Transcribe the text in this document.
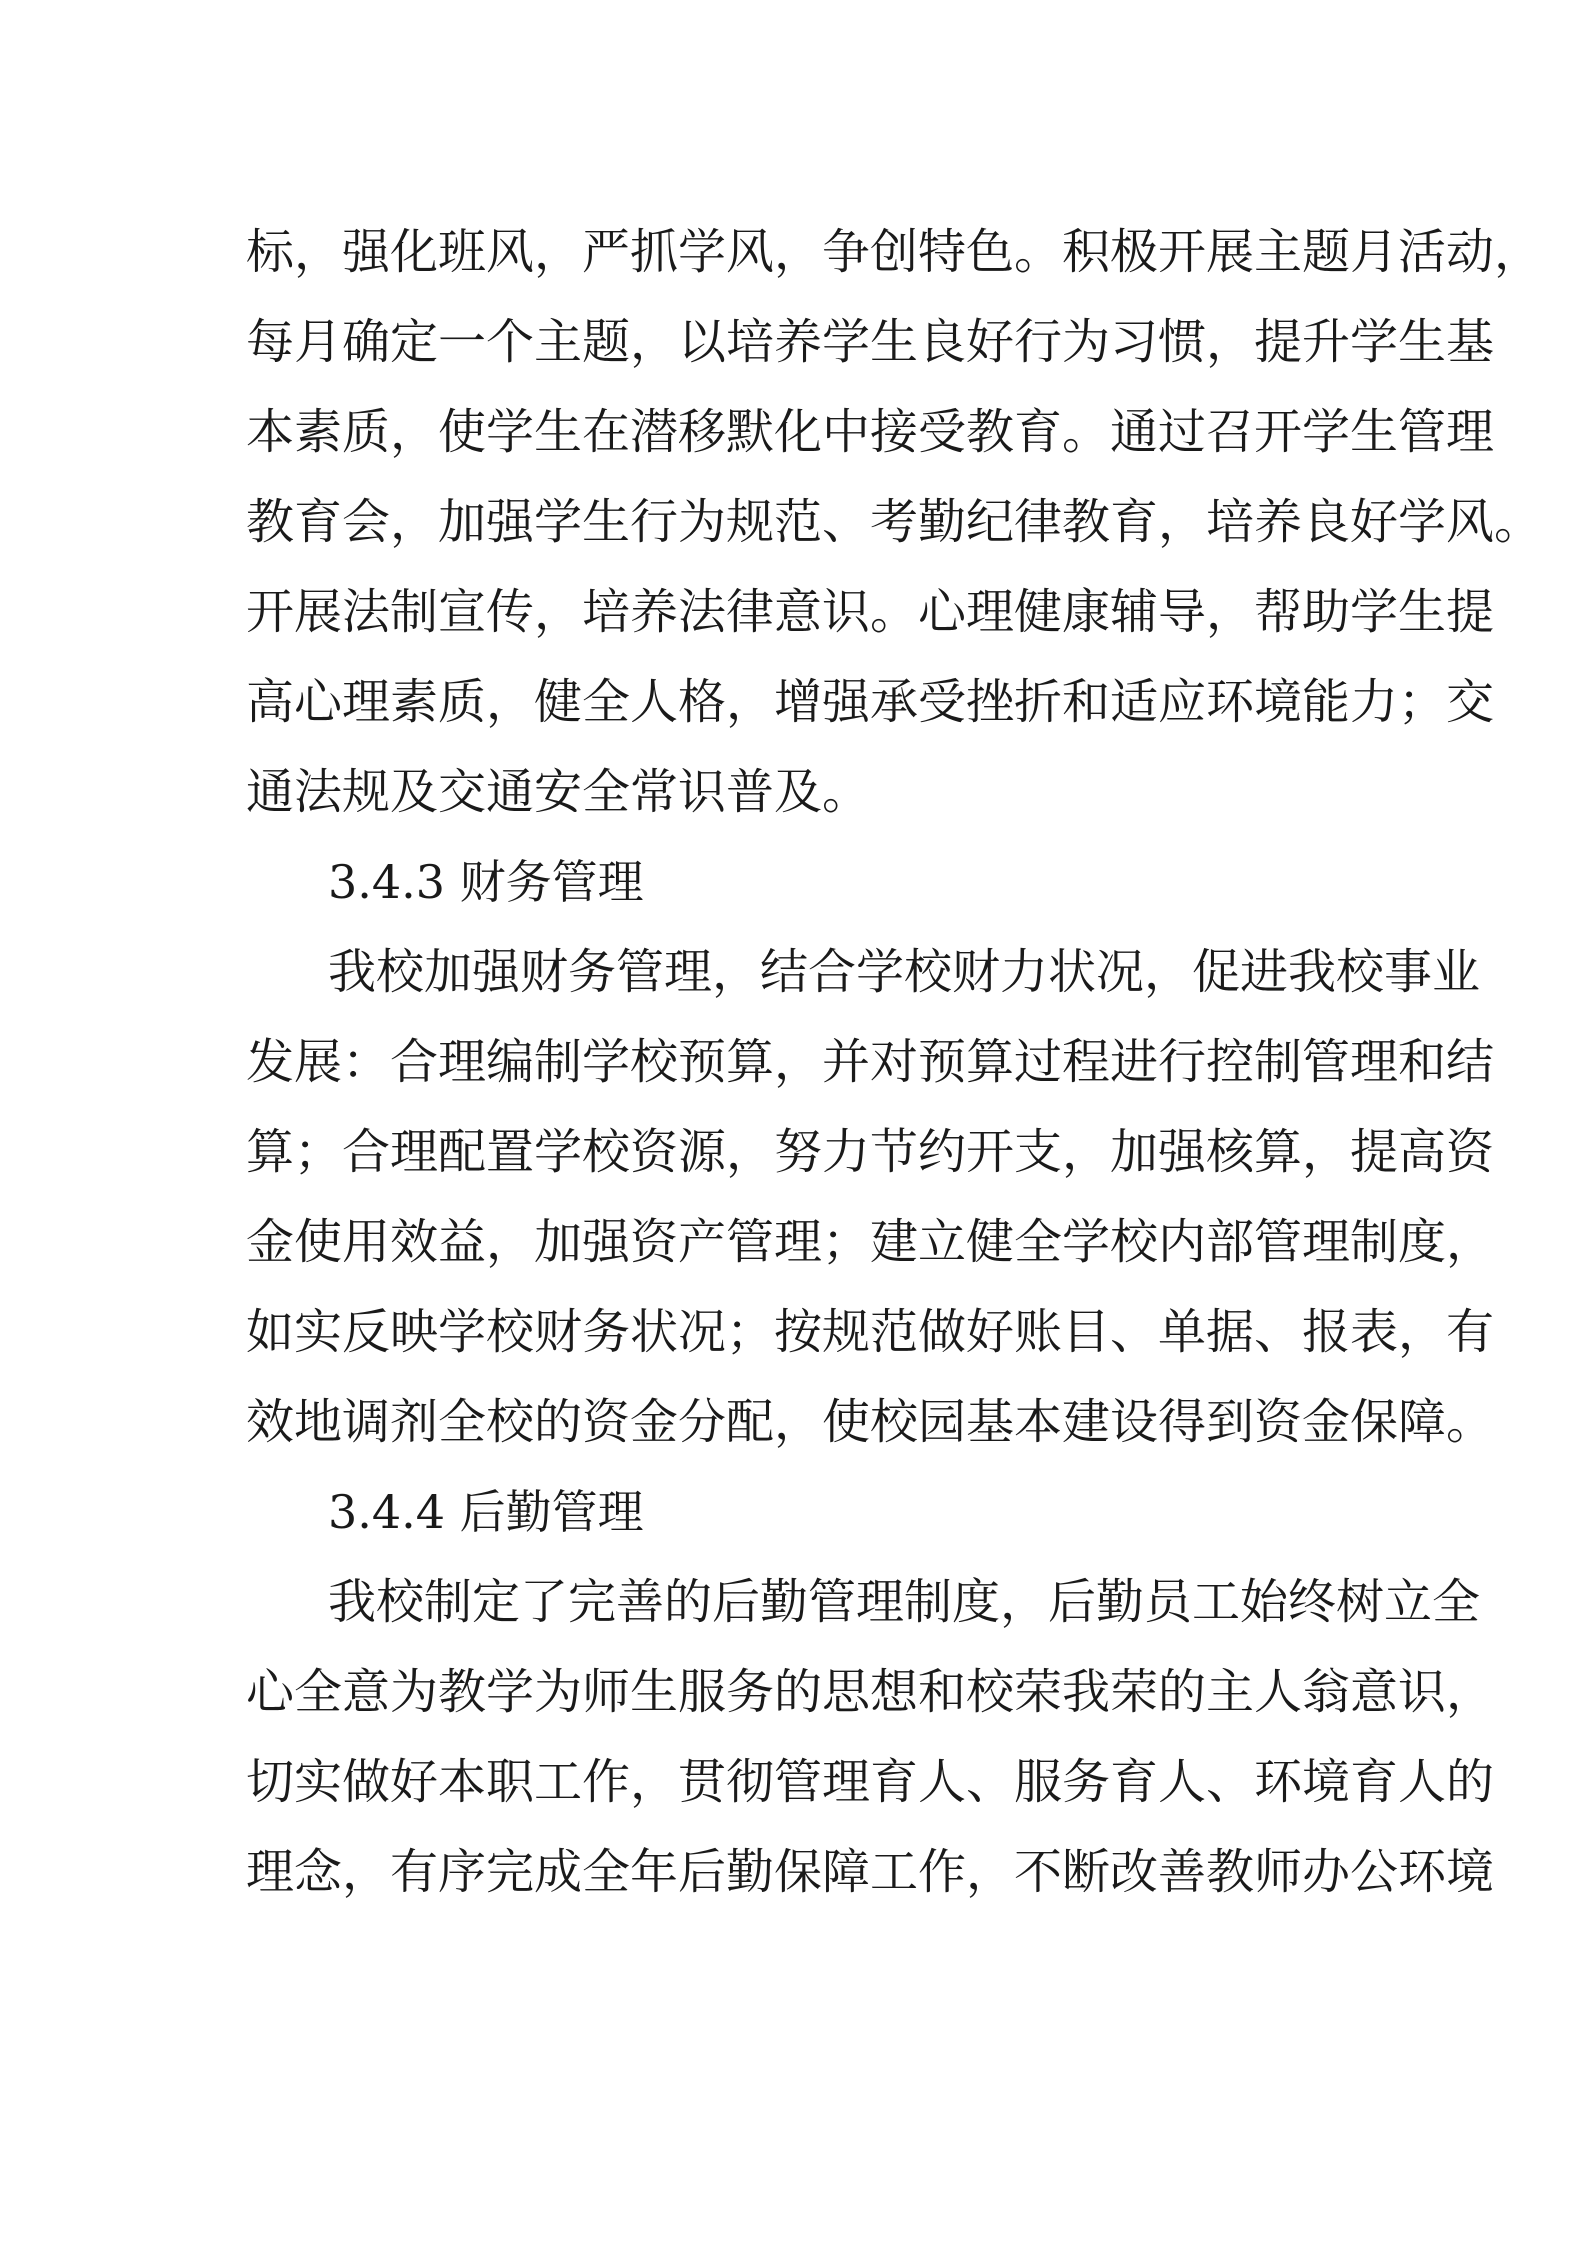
标，强化班风，严抓学风，争创特色。积极开展主题月活动，
每月确定一个主题，以培养学生良好行为习惯，提升学生基
本素质，使学生在潜移默化中接受教育。通过召开学生管理
教育会，加强学生行为规范、考勤纪律教育，培养良好学风。
开展法制宣传，培养法律意识。心理健康辅导，帮助学生提
高心理素质，健全人格，增强承受挫折和适应环境能力；交
通法规及交通安全常识普及。
3.4.3 财务管理
我校加强财务管理，结合学校财力状况，促进我校事业
发展：合理编制学校预算，并对预算过程进行控制管理和结
算；合理配置学校资源，努力节约开支，加强核算，提高资
金使用效益，加强资产管理；建立健全学校内部管理制度，
如实反映学校财务状况；按规范做好账目、单据、报表，有
效地调剂全校的资金分配，使校园基本建设得到资金保障。
3.4.4 后勤管理
我校制定了完善的后勤管理制度，后勤员工始终树立全
心全意为教学为师生服务的思想和校荣我荣的主人翁意识，
切实做好本职工作，贯彻管理育人、服务育人、环境育人的
理念，有序完成全年后勤保障工作，不断改善教师办公环境
